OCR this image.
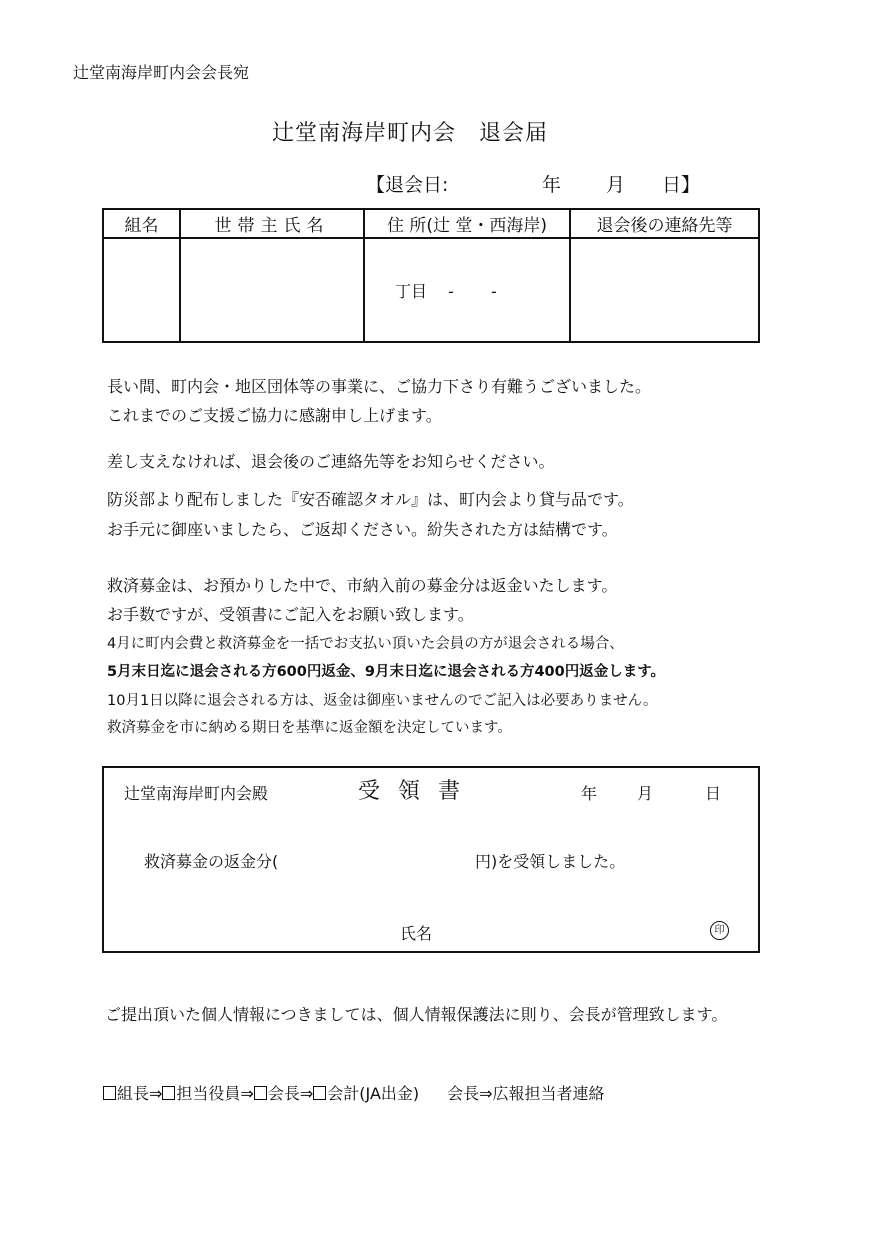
辻堂南海岸町内会会長宛
辻堂南海岸町内会　退会届
【退会日:	年 月 日】
組名	世帯主氏名	住 所(辻 堂・西海岸)	退会後の連絡先等

		丁目　 -　　 -	

長い間、町内会・地区団体等の事業に、ご協力下さり有難うございました。
これまでのご支援ご協力に感謝申し上げます。
差し支えなければ、退会後のご連絡先等をお知らせください。
防災部より配布しました『安否確認タオル』は、町内会より貸与品です。
お手元に御座いましたら、ご返却ください。紛失された方は結構です。
救済募金は、お預かりした中で、市納入前の募金分は返金いたします。
お手数ですが、受領書にご記入をお願い致します。
4月に町内会費と救済募金を一括でお支払い頂いた会員の方が退会される場合、
5月末日迄に退会される方600円返金、9月末日迄に退会される方400円返金します。
10月1日以降に退会される方は、返金は御座いませんのでご記入は必要ありません。
救済募金を市に納める期日を基準に返金額を決定しています。
辻堂南海岸町内会殿	受領書	年 月	日
救済募金の返金分(	円)を受領しました。
氏名	印
ご提出頂いた個人情報につきましては、個人情報保護法に則り、会長が管理致します。
組長⇒ 担当役員⇒ 会長⇒ 会計(JA出金) 会長⇒広報担当者連絡
